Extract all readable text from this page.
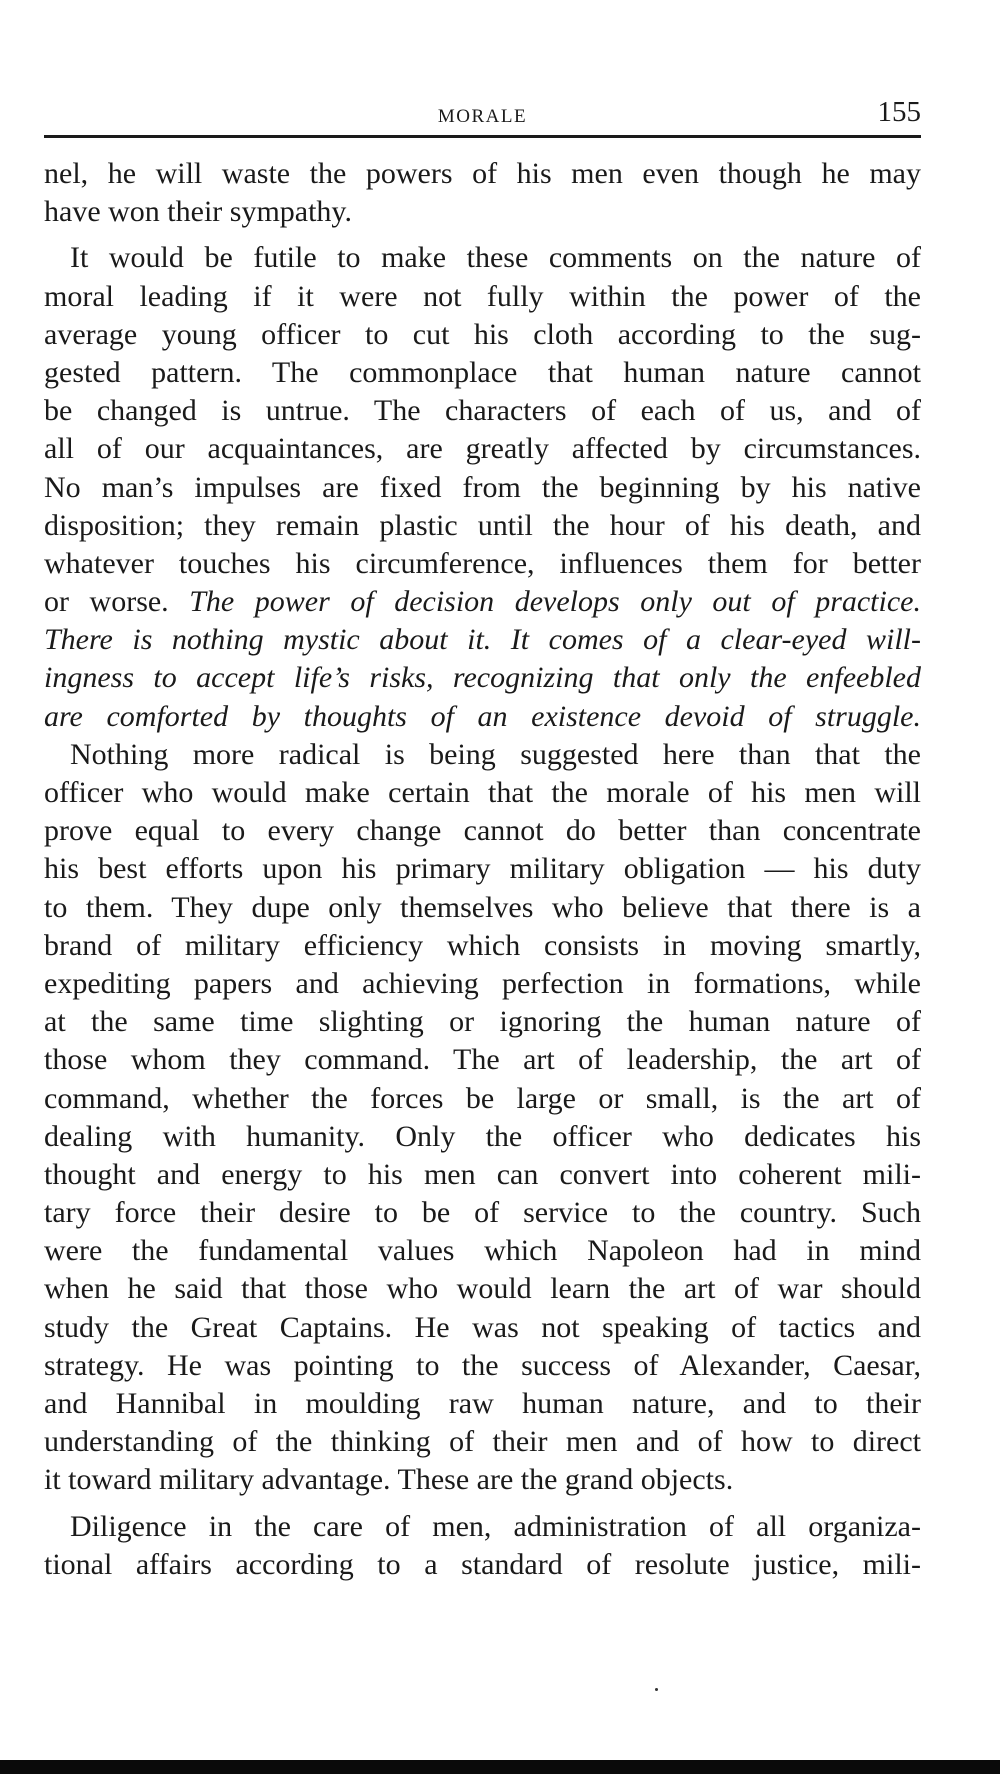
MORALE	155
nel, he will waste the powers of his men even though he may
have won their sympathy.
It would be futile to make these comments on the nature of
moral leading if it were not fully within the power of the
average young officer to cut his cloth according to the sug-
gested pattern. The commonplace that human nature cannot
be changed is untrue. The characters of each of us, and of
all of our acquaintances, are greatly affected by circumstances.
No man’s impulses are fixed from the beginning by his native
disposition; they remain plastic until the hour of his death, and
whatever touches his circumference, influences them for better
or worse. The power of decision develops only out of practice.
There is nothing mystic about it. It comes of a clear-eyed will-
ingness to accept life’s risks, recognizing that only the enfeebled
are comforted by thoughts of an existence devoid of struggle.
Nothing more radical is being suggested here than that the
officer who would make certain that the morale of his men will
prove equal to every change cannot do better than concentrate
his best efforts upon his primary military obligation — his duty
to them. They dupe only themselves who believe that there is a
brand of military efficiency which consists in moving smartly,
expediting papers and achieving perfection in formations, while
at the same time slighting or ignoring the human nature of
those whom they command. The art of leadership, the art of
command, whether the forces be large or small, is the art of
dealing with humanity. Only the officer who dedicates his
thought and energy to his men can convert into coherent mili-
tary force their desire to be of service to the country. Such
were the fundamental values which Napoleon had in mind
when he said that those who would learn the art of war should
study the Great Captains. He was not speaking of tactics and
strategy. He was pointing to the success of Alexander, Caesar,
and Hannibal in moulding raw human nature, and to their
understanding of the thinking of their men and of how to direct
it toward military advantage. These are the grand objects.
Diligence in the care of men, administration of all organiza-
tional affairs according to a standard of resolute justice, mili-
